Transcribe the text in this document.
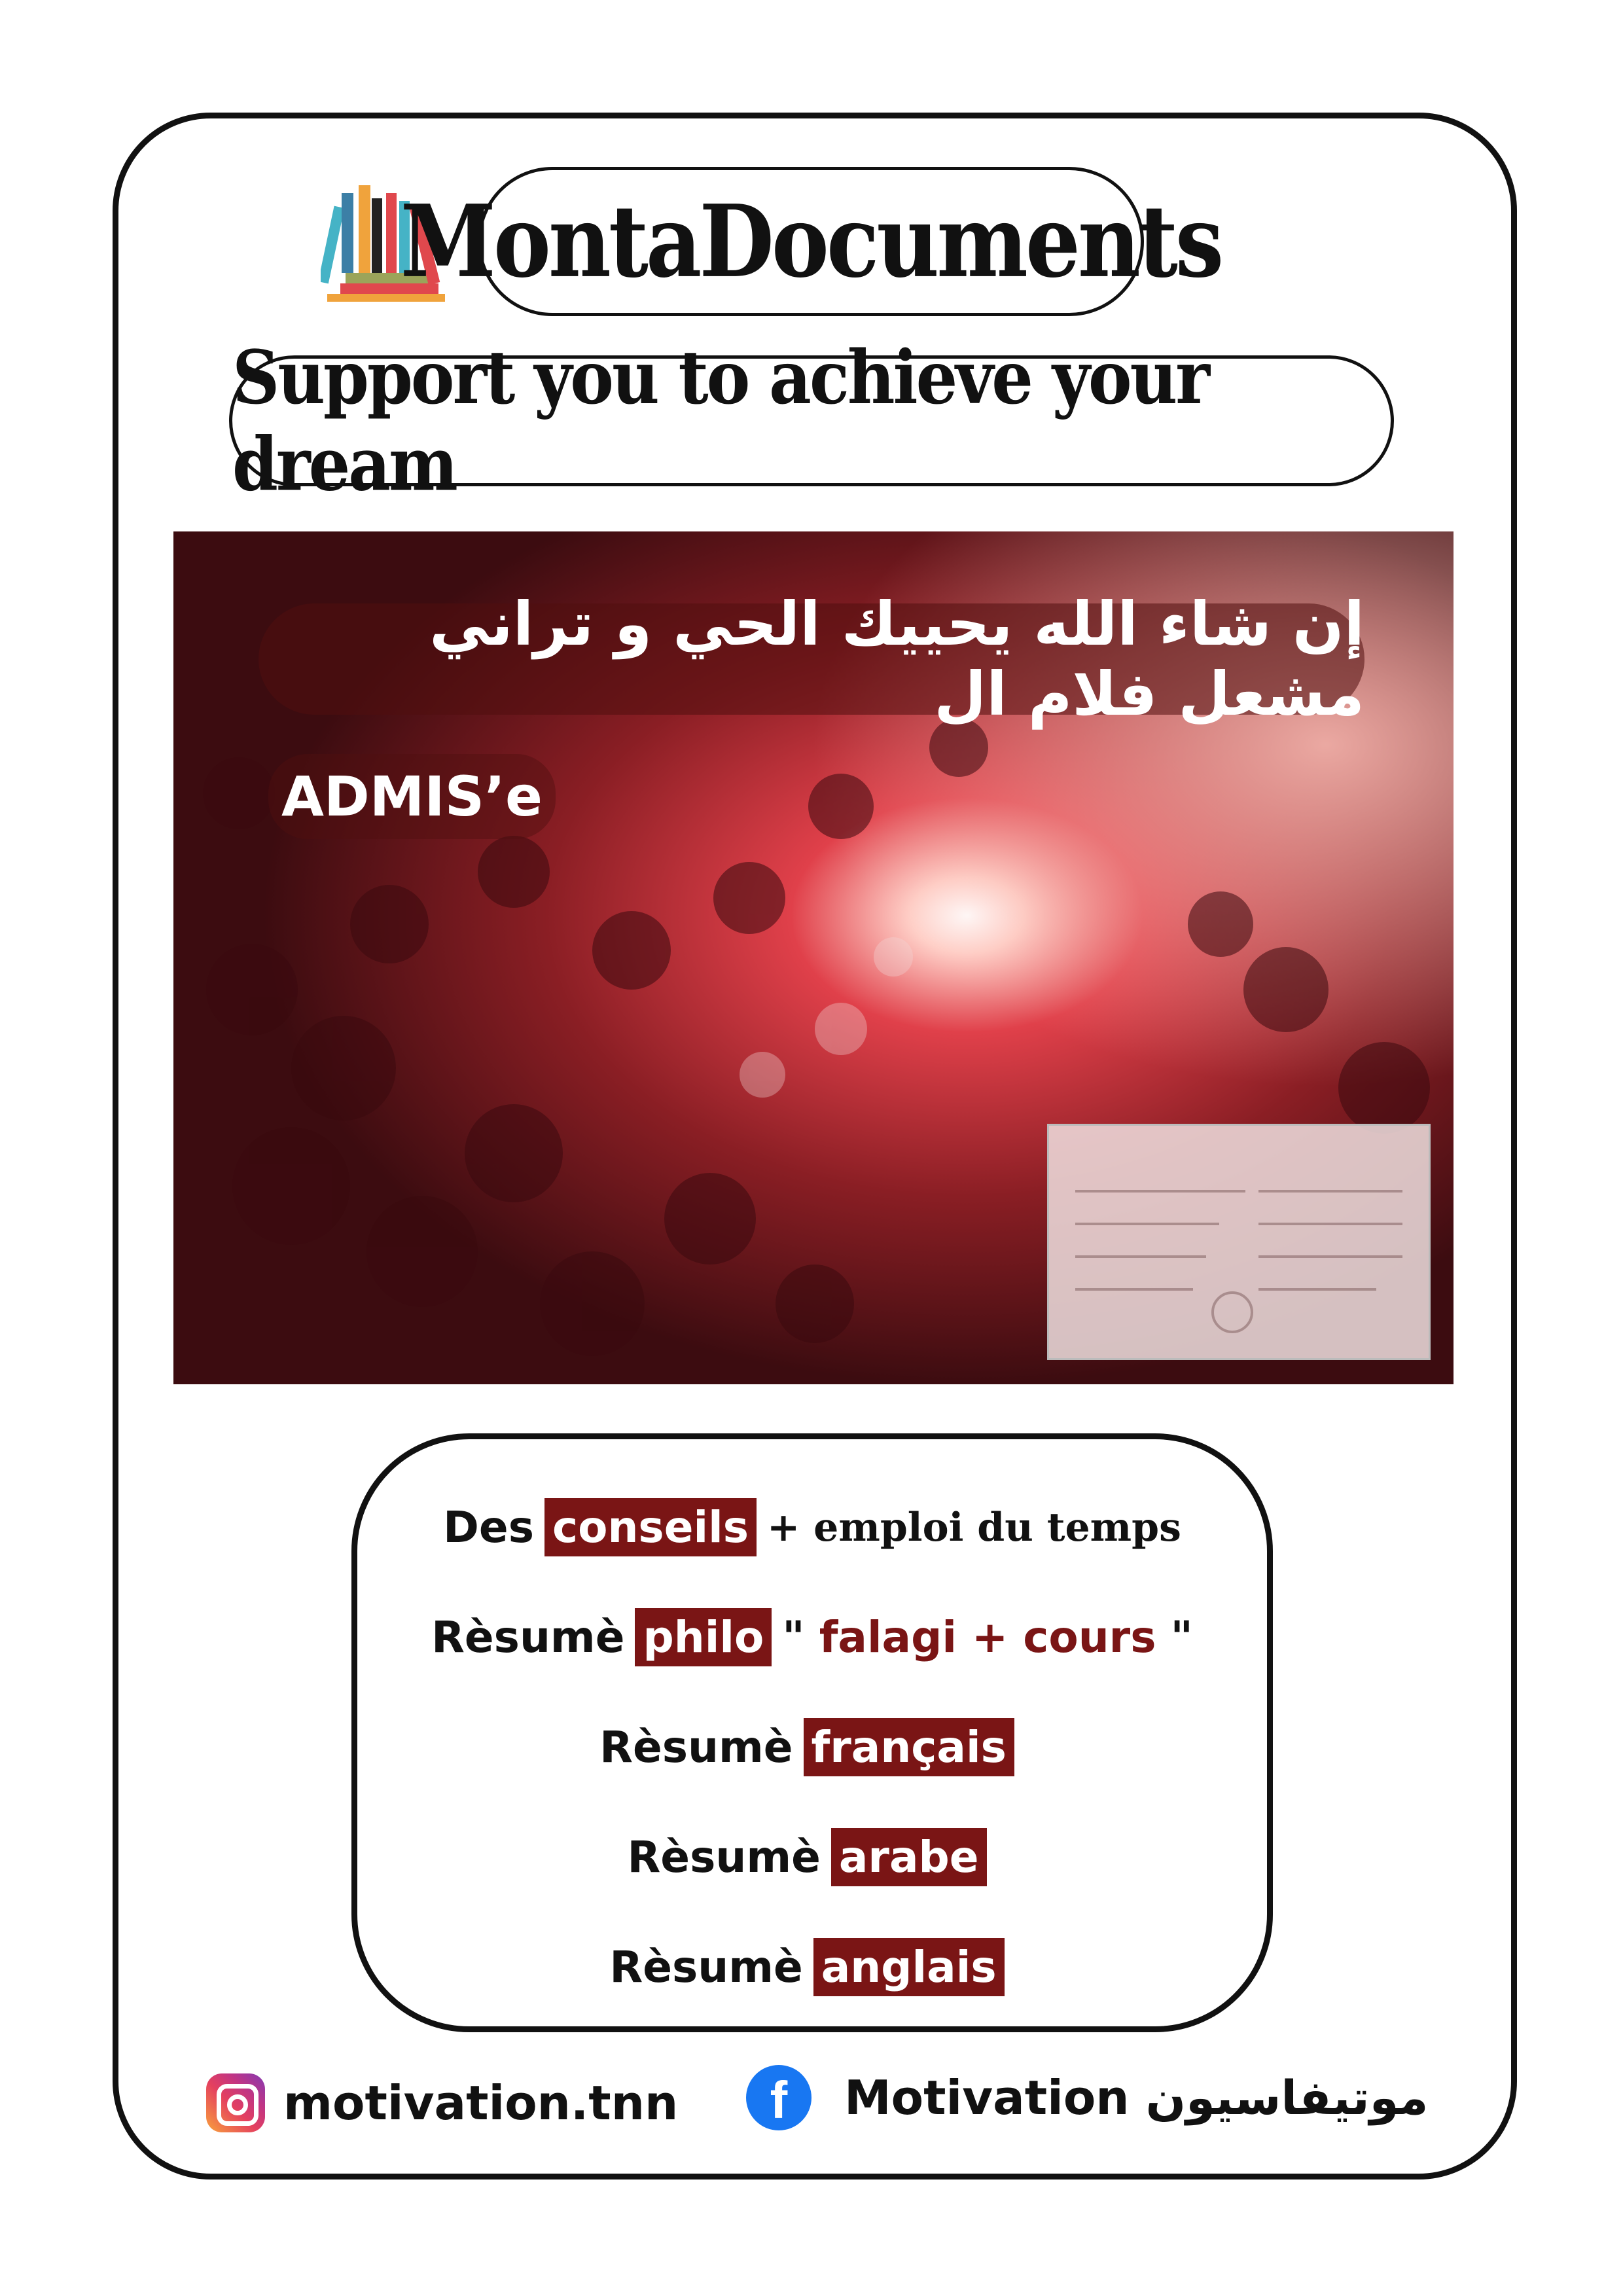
MontaDocuments
Support you to achieve your dream
إن شاء الله يحييك الحي و تراني مشعل فلام ال
ADMIS’e
Des conseils + emploi du temps
Rèsumè philo " falagi + cours "
Rèsumè français
Rèsumè arabe
Rèsumè anglais
motivation.tnn	f	Motivation موتيفاسيون
